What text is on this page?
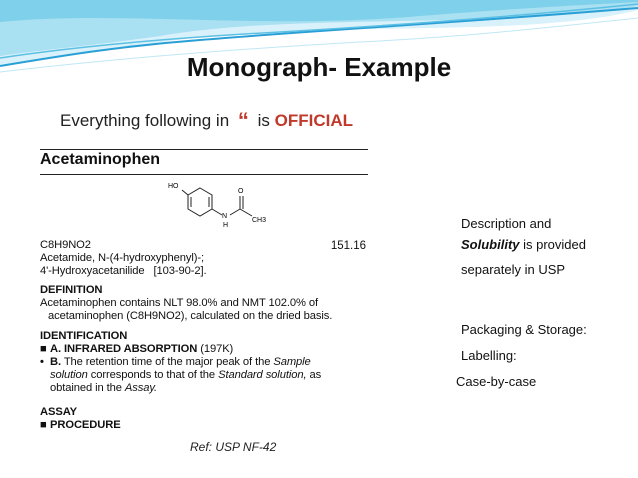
Monograph- Example
Everything following in “ is OFFICIAL
Acetaminophen
HO
O
N
H
CH3
C8H9NO2	151.16
Acetamide, N-(4-hydroxyphenyl)-;
4'-Hydroxyacetanilide [103-90-2].
DEFINITION
Acetaminophen contains NLT 98.0% and NMT 102.0% of
acetaminophen (C8H9NO2), calculated on the dried basis.
IDENTIFICATION
■ A. INFRARED ABSORPTION (197K)
• B. The retention time of the major peak of the Sample
solution corresponds to that of the Standard solution, as
obtained in the Assay.
ASSAY
■ PROCEDURE
Ref: USP NF-42
Description and
Solubility is provided
separately in USP
Packaging & Storage:
Labelling:
Case-by-case
